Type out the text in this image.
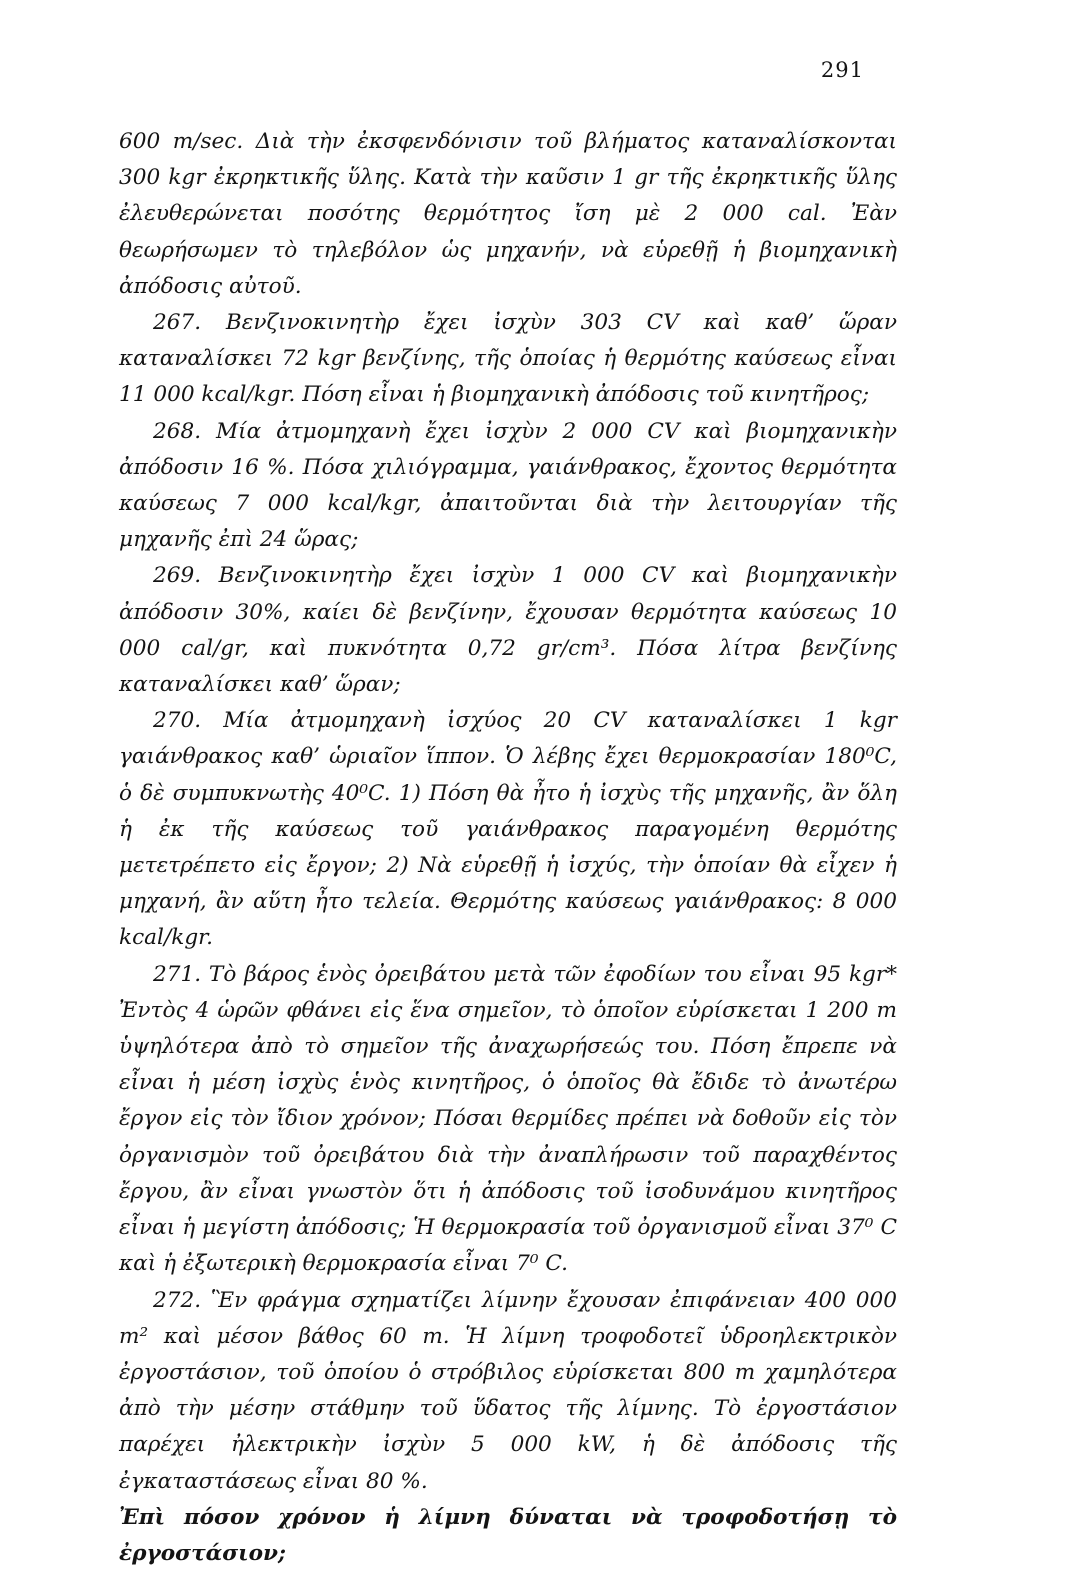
291

600 m/sec. Διὰ τὴν ἐκσφενδόνισιν τοῦ βλήματος καταναλίσκονται 300 kgr ἐκρηκτικῆς ὕλης. Κατὰ τὴν καῦσιν 1 gr τῆς ἐκρηκτικῆς ὕλης ἐλευθερώνεται ποσότης θερμότητος ἴση μὲ 2 000 cal. Ἐὰν θεωρήσωμεν τὸ τηλεβόλον ὡς μηχανήν, νὰ εὑρεθῇ ἡ βιομηχανικὴ ἀπόδοσις αὐτοῦ.

267. Βενζινοκινητὴρ ἔχει ἰσχὺν 303 CV καὶ καθ’ ὥραν καταναλίσκει 72 kgr βενζίνης, τῆς ὁποίας ἡ θερμότης καύσεως εἶναι 11 000 kcal/kgr. Πόση εἶναι ἡ βιομηχανικὴ ἀπόδοσις τοῦ κινητῆρος;

268. Μία ἀτμομηχανὴ ἔχει ἰσχὺν 2 000 CV καὶ βιομηχανικὴν ἀπόδοσιν 16 %. Πόσα χιλιόγραμμα, γαιάνθρακος, ἔχοντος θερμότητα καύσεως 7 000 kcal/kgr, ἀπαιτοῦνται διὰ τὴν λειτουργίαν τῆς μηχανῆς ἐπὶ 24 ὥρας;

269. Βενζινοκινητὴρ ἔχει ἰσχὺν 1 000 CV καὶ βιομηχανικὴν ἀπόδοσιν 30%, καίει δὲ βενζίνην, ἔχουσαν θερμότητα καύσεως 10 000 cal/gr, καὶ πυκνότητα 0,72 gr/cm³. Πόσα λίτρα βενζίνης καταναλίσκει καθ’ ὥραν;

270. Μία ἀτμομηχανὴ ἰσχύος 20 CV καταναλίσκει 1 kgr γαιάνθρακος καθ’ ὡριαῖον ἵππον. Ὁ λέβης ἔχει θερμοκρασίαν 180⁰C, ὁ δὲ συμπυκνωτὴς 40⁰C. 1) Πόση θὰ ἦτο ἡ ἰσχὺς τῆς μηχανῆς, ἂν ὅλη ἡ ἐκ τῆς καύσεως τοῦ γαιάνθρακος παραγομένη θερμότης μετετρέπετο εἰς ἔργον; 2) Νὰ εὑρεθῇ ἡ ἰσχύς, τὴν ὁποίαν θὰ εἶχεν ἡ μηχανή, ἂν αὕτη ἦτο τελεία. Θερμότης καύσεως γαιάνθρακος: 8 000 kcal/kgr.

271. Τὸ βάρος ἑνὸς ὀρειβάτου μετὰ τῶν ἐφοδίων του εἶναι 95 kgr* Ἐντὸς 4 ὡρῶν φθάνει εἰς ἕνα σημεῖον, τὸ ὁποῖον εὑρίσκεται 1 200 m ὑψηλότερα ἀπὸ τὸ σημεῖον τῆς ἀναχωρήσεώς του. Πόση ἔπρεπε νὰ εἶναι ἡ μέση ἰσχὺς ἑνὸς κινητῆρος, ὁ ὁποῖος θὰ ἔδιδε τὸ ἀνωτέρω ἔργον εἰς τὸν ἴδιον χρόνον; Πόσαι θερμίδες πρέπει νὰ δοθοῦν εἰς τὸν ὀργανισμὸν τοῦ ὀρειβάτου διὰ τὴν ἀναπλήρωσιν τοῦ παραχθέντος ἔργου, ἂν εἶναι γνωστὸν ὅτι ἡ ἀπόδοσις τοῦ ἰσοδυνάμου κινητῆρος εἶναι ἡ μεγίστη ἀπόδοσις; Ἡ θερμοκρασία τοῦ ὀργανισμοῦ εἶναι 37⁰ C καὶ ἡ ἐξωτερικὴ θερμοκρασία εἶναι 7⁰ C.

272. Ἓν φράγμα σχηματίζει λίμνην ἔχουσαν ἐπιφάνειαν 400 000 m² καὶ μέσον βάθος 60 m. Ἡ λίμνη τροφοδοτεῖ ὑδροηλεκτρικὸν ἐργοστάσιον, τοῦ ὁποίου ὁ στρόβιλος εὑρίσκεται 800 m χαμηλότερα ἀπὸ τὴν μέσην στάθμην τοῦ ὕδατος τῆς λίμνης. Τὸ ἐργοστάσιον παρέχει ἠλεκτρικὴν ἰσχὺν 5 000 kW, ἡ δὲ ἀπόδοσις τῆς ἐγκαταστάσεως εἶναι 80 %.

Ἐπὶ πόσον χρόνον ἡ λίμνη δύναται νὰ τροφοδοτήσῃ τὸ ἐργοστάσιον;
